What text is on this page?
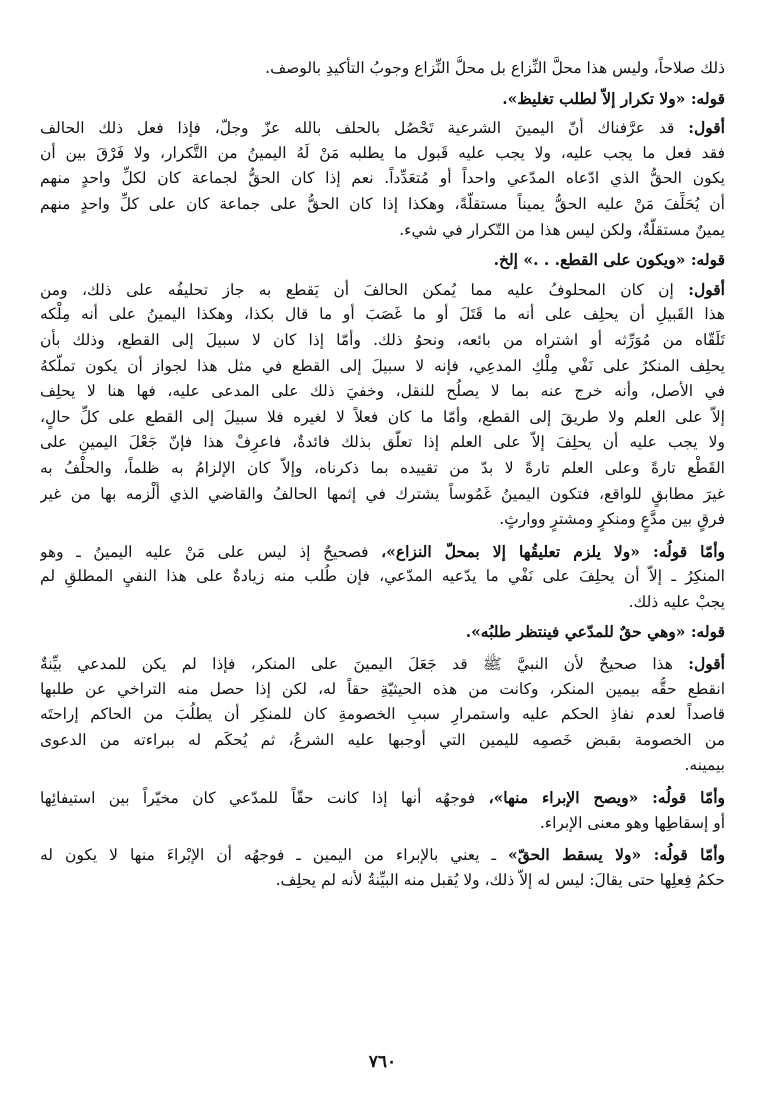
ذلك صلاحاً، وليس هذا محلَّ النِّزاع بل محلُّ النِّزاع وجوبُ التأكيدِ بالوصف.
قوله: «ولا تكرار إلاّ لطلب تغليظ».
أقول: قد عرَّفناك أنّ اليمينَ الشرعية تَحْصُل بالحلف بالله عزّ وجلّ، فإذا فعل ذلك الحالف
فقد فعل ما يجب عليه، ولا يجب عليه قَبول ما يطلبه مَنْ لَهُ اليمينُ من التَّكرار، ولا فَرْقَ بين أن
يكون الحقُّ الذي ادّعاه المدّعي واحداً أو مُتعَدِّداً. نعم إذا كان الحقُّ لجماعة كان لكلِّ واحدٍ منهم
أن يُحَلِّفَ مَنْ عليه الحقُّ يميناً مستقلّةً، وهكذا إذا كان الحقُّ على جماعة كان على كلِّ واحدٍ منهم
يمينٌ مستقلّةٌ، ولكن ليس هذا من التّكرار في شيء.
قوله: «ويكون على القطع. . .» إلخ.
أقول: إن كان المحلوفُ عليه مما يُمكن الحالفَ أن يَقطع به جاز تحليفُه على ذلك، ومن
هذا القَبيلِ أن يحلِف على أنه ما قَتَلَ أو ما غَصَبَ أو ما قال بكذا، وهكذا اليمينُ على أنه مِلْكه
تَلَقّاه من مُوَرِّثه أو اشتراه من بائعه، ونحوُ ذلك. وأمّا إذا كان لا سبيلَ إلى القطع، وذلك بأن
يحلِف المنكرُ على نَفْي مِلْكِ المدعِي، فإنه لا سبيلَ إلى القطع في مثل هذا لجواز أن يكون تملُّكهُ
في الأصل، وأنه خرج عنه بما لا يصلُح للنقل، وخفيَ ذلك على المدعى عليه، فها هنا لا يحلِف
إلاّ على العلم ولا طريقَ إلى القطع، وأمّا ما كان فعلاً لا لغيره فلا سبيلَ إلى القطع على كلِّ حالٍ،
ولا يجب عليه أن يحلِفَ إلاّ على العلم إذا تعلّق بذلك فائدةٌ، فاعرِفْ هذا فإنّ جَعْلَ اليمينِ على
القَطْع تارةً وعلى العلم تارةً لا بدّ من تقييده بما ذكرناه، وإلاّ كان الإلزامُ به ظلماً، والحلْفُ به
غيرَ مطابقٍ للواقع، فتكون اليمينُ غَمُوساً يشترك في إثمها الحالفُ والقاضي الذي أَلْزمه بها من غير
فرقٍ بين مدَّعٍ ومنكرٍ ومشترٍ ووارثٍ.
وأمّا قولُه: «ولا يلزم تعليقُها إلا بمحلّ النزاع»، فصحيحٌ إذ ليس على مَنْ عليه اليمينُ ـ وهو
المنكِرُ ـ إلاّ أن يحلِفَ على نَفْي ما يدّعيه المدّعي، فإن طُلب منه زيادةٌ على هذا النفيِ المطلقِ لم
يجبْ عليه ذلك.
قوله: «وهي حقٌ للمدّعي فينتظر طلبُه».
أقول: هذا صحيحٌ لأن النبيَّ ﷺ قد جَعَلَ اليمينَ على المنكر، فإذا لم يكن للمدعي بيِّنةٌ
انقطع حقُّه بيمين المنكر، وكانت من هذه الحيثيّةِ حقاً له، لكن إذا حصل منه التراخي عن طلبها
قاصداً لعدم نفاذِ الحكم عليه واستمرارِ سببِ الخصومةِ كان للمنكِر أن يطلُبَ من الحاكم إراحتَه
من الخصومة بقبض خَصمِه لليمين التي أوجبها عليه الشرعُ، ثم يُحكَم له ببراءته من الدعوى
بيمينه.
وأمّا قولُه: «ويصح الإبراء منها»، فوجهُه أنها إذا كانت حقّاً للمدّعي كان مخيّراً بين استيفائِها
أو إسقاطِها وهو معنى الإبراء.
وأمّا قولُه: «ولا يسقط الحقّ» ـ يعني بالإبراء من اليمين ـ فوجهُه أن الإبْراءَ منها لا يكون له
حكمُ فِعلِها حتى يقالَ: ليس له إلاّ ذلك، ولا يُقبل منه البيِّنةُ لأنه لم يحلِف.
٧٦٠
